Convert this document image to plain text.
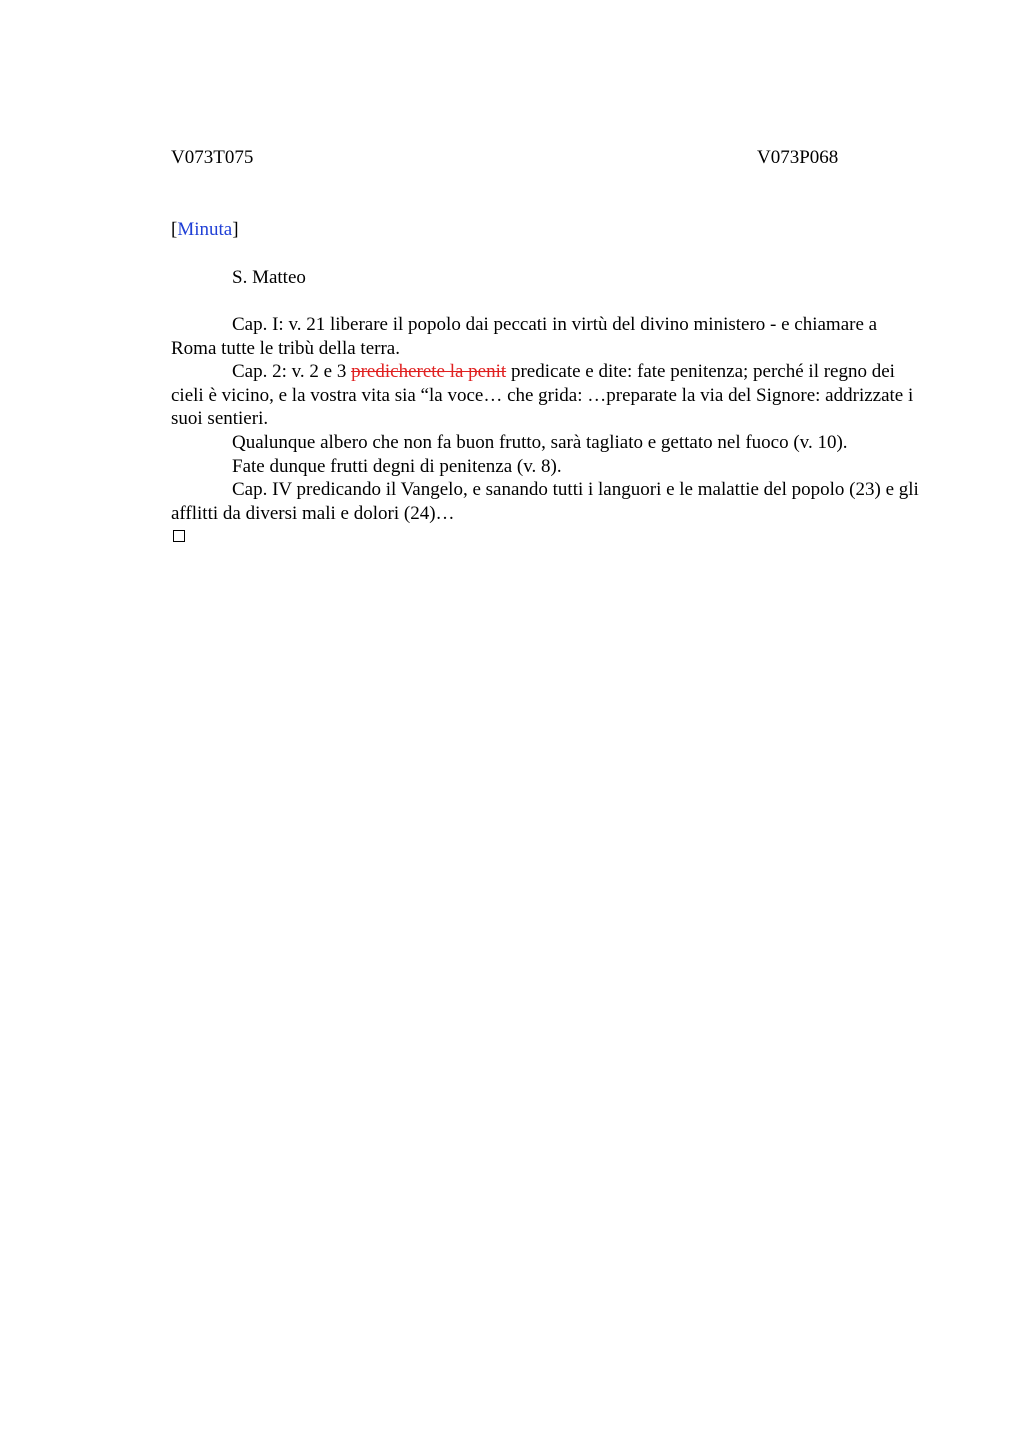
V073T075	V073P068
[Minuta]
S. Matteo

Cap. I: v. 21 liberare il popolo dai peccati in virtù del divino ministero - e chiamare a Roma tutte le tribù della terra.

Cap. 2: v. 2 e 3 predicherete la penit predicate e dite: fate penitenza; perché il regno dei cieli è vicino, e la vostra vita sia “la voce… che grida: …preparate la via del Signore: addrizzate i suoi sentieri.

Qualunque albero che non fa buon frutto, sarà tagliato e gettato nel fuoco (v. 10).

Fate dunque frutti degni di penitenza (v. 8).

Cap. IV predicando il Vangelo, e sanando tutti i languori e le malattie del popolo (23) e gli afflitti da diversi mali e dolori (24)…
